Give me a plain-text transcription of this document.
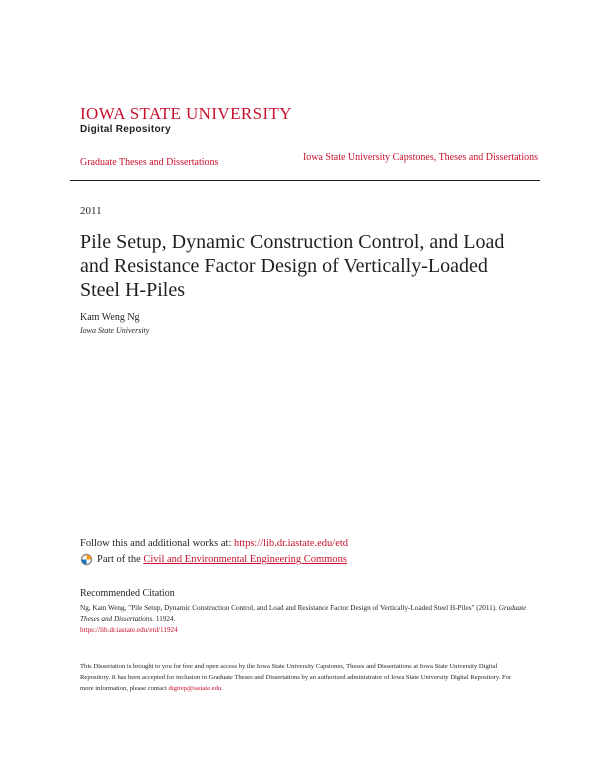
IOWA STATE UNIVERSITY
Digital Repository
Graduate Theses and Dissertations	Iowa State University Capstones, Theses and Dissertations
2011
Pile Setup, Dynamic Construction Control, and Load and Resistance Factor Design of Vertically-Loaded Steel H-Piles
Kam Weng Ng
Iowa State University
Follow this and additional works at: https://lib.dr.iastate.edu/etd
Part of the
Civil and Environmental Engineering Commons
Recommended Citation
Ng, Kam Weng, "Pile Setup, Dynamic Construction Control, and Load and Resistance Factor Design of Vertically-Loaded Steel H-Piles" (2011). Graduate Theses and Dissertations. 11924.
https://lib.dr.iastate.edu/etd/11924
This Dissertation is brought to you for free and open access by the Iowa State University Capstones, Theses and Dissertations at Iowa State University Digital Repository. It has been accepted for inclusion in Graduate Theses and Dissertations by an authorized administrator of Iowa State University Digital Repository. For more information, please contact digirep@iastate.edu.
